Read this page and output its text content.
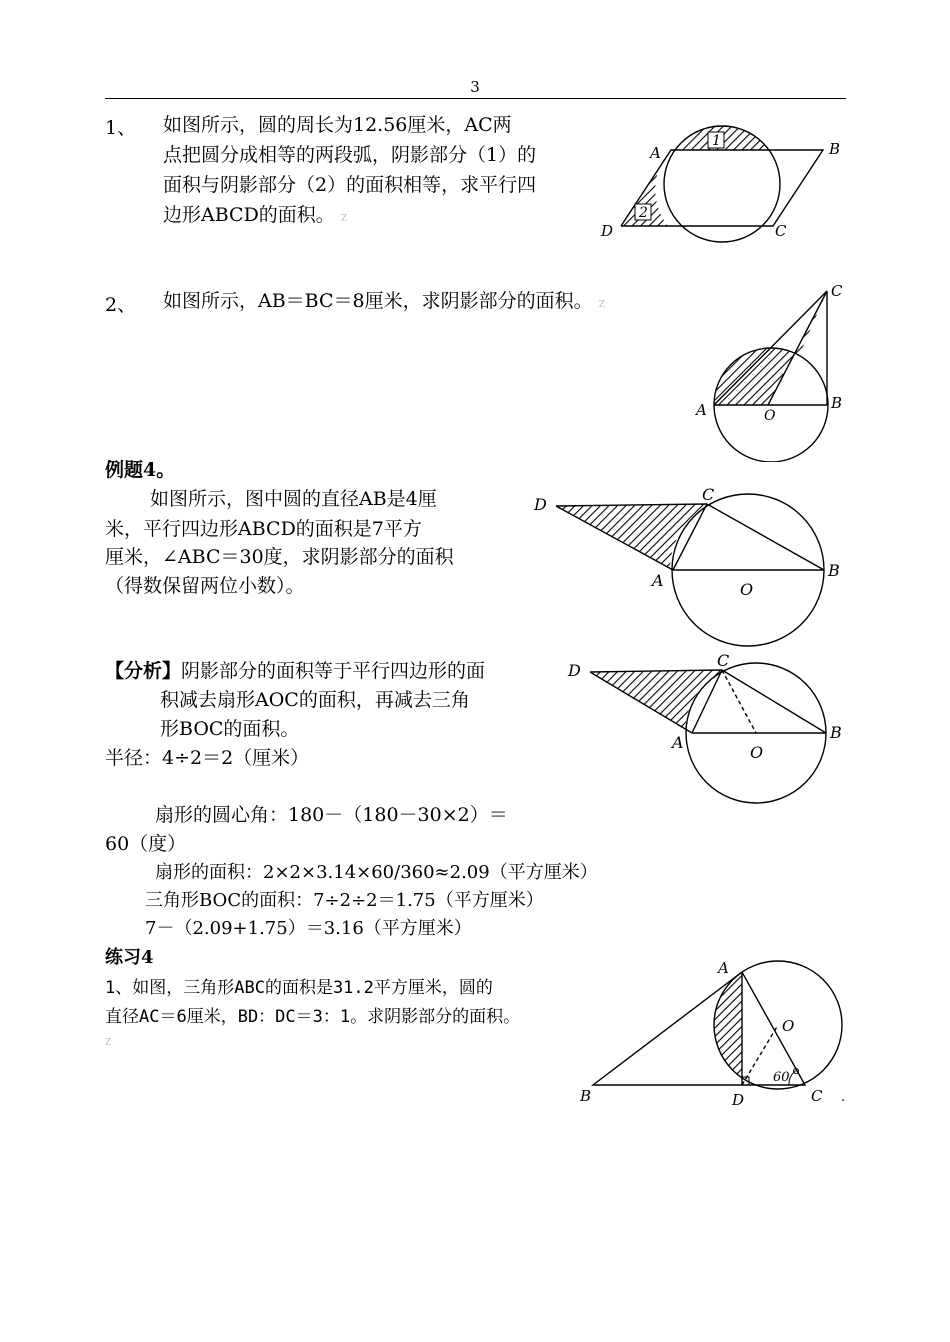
3
1、 如图所示，圆的周长为12.56厘米，AC两
点把圆分成相等的两段弧，阴影部分（1）的
面积与阴影部分（2）的面积相等，求平行四
边形ABCD的面积。 Z
1
2
A	B
C
D
2、 如图所示，AB＝BC＝8厘米，求阴影部分的面积。 Z
A	B
C
O
例题4。
如图所示，图中圆的直径AB是4厘
米，平行四边形ABCD的面积是7平方
厘米，∠ABC＝30度，求阴影部分的面积
（得数保留两位小数）。
D
C
A
B
O
【分析】阴影部分的面积等于平行四边形的面
积减去扇形AOC的面积，再减去三角
形BOC的面积。
半径：4÷2＝2（厘米）
扇形的圆心角：180－（180－30×2）＝
60（度）
扇形的面积：2×2×3.14×60/360≈2.09（平方厘米）
三角形BOC的面积：7÷2÷2＝1.75（平方厘米）
7－（2.09+1.75）＝3.16（平方厘米）
D
C
A
B
O
练习4
1、如图，三角形ABC的面积是31.2平方厘米，圆的
直径AC＝6厘米，BD：DC＝3：1。求阴影部分的面积。
Z
60
A
B	C
D
O
.
